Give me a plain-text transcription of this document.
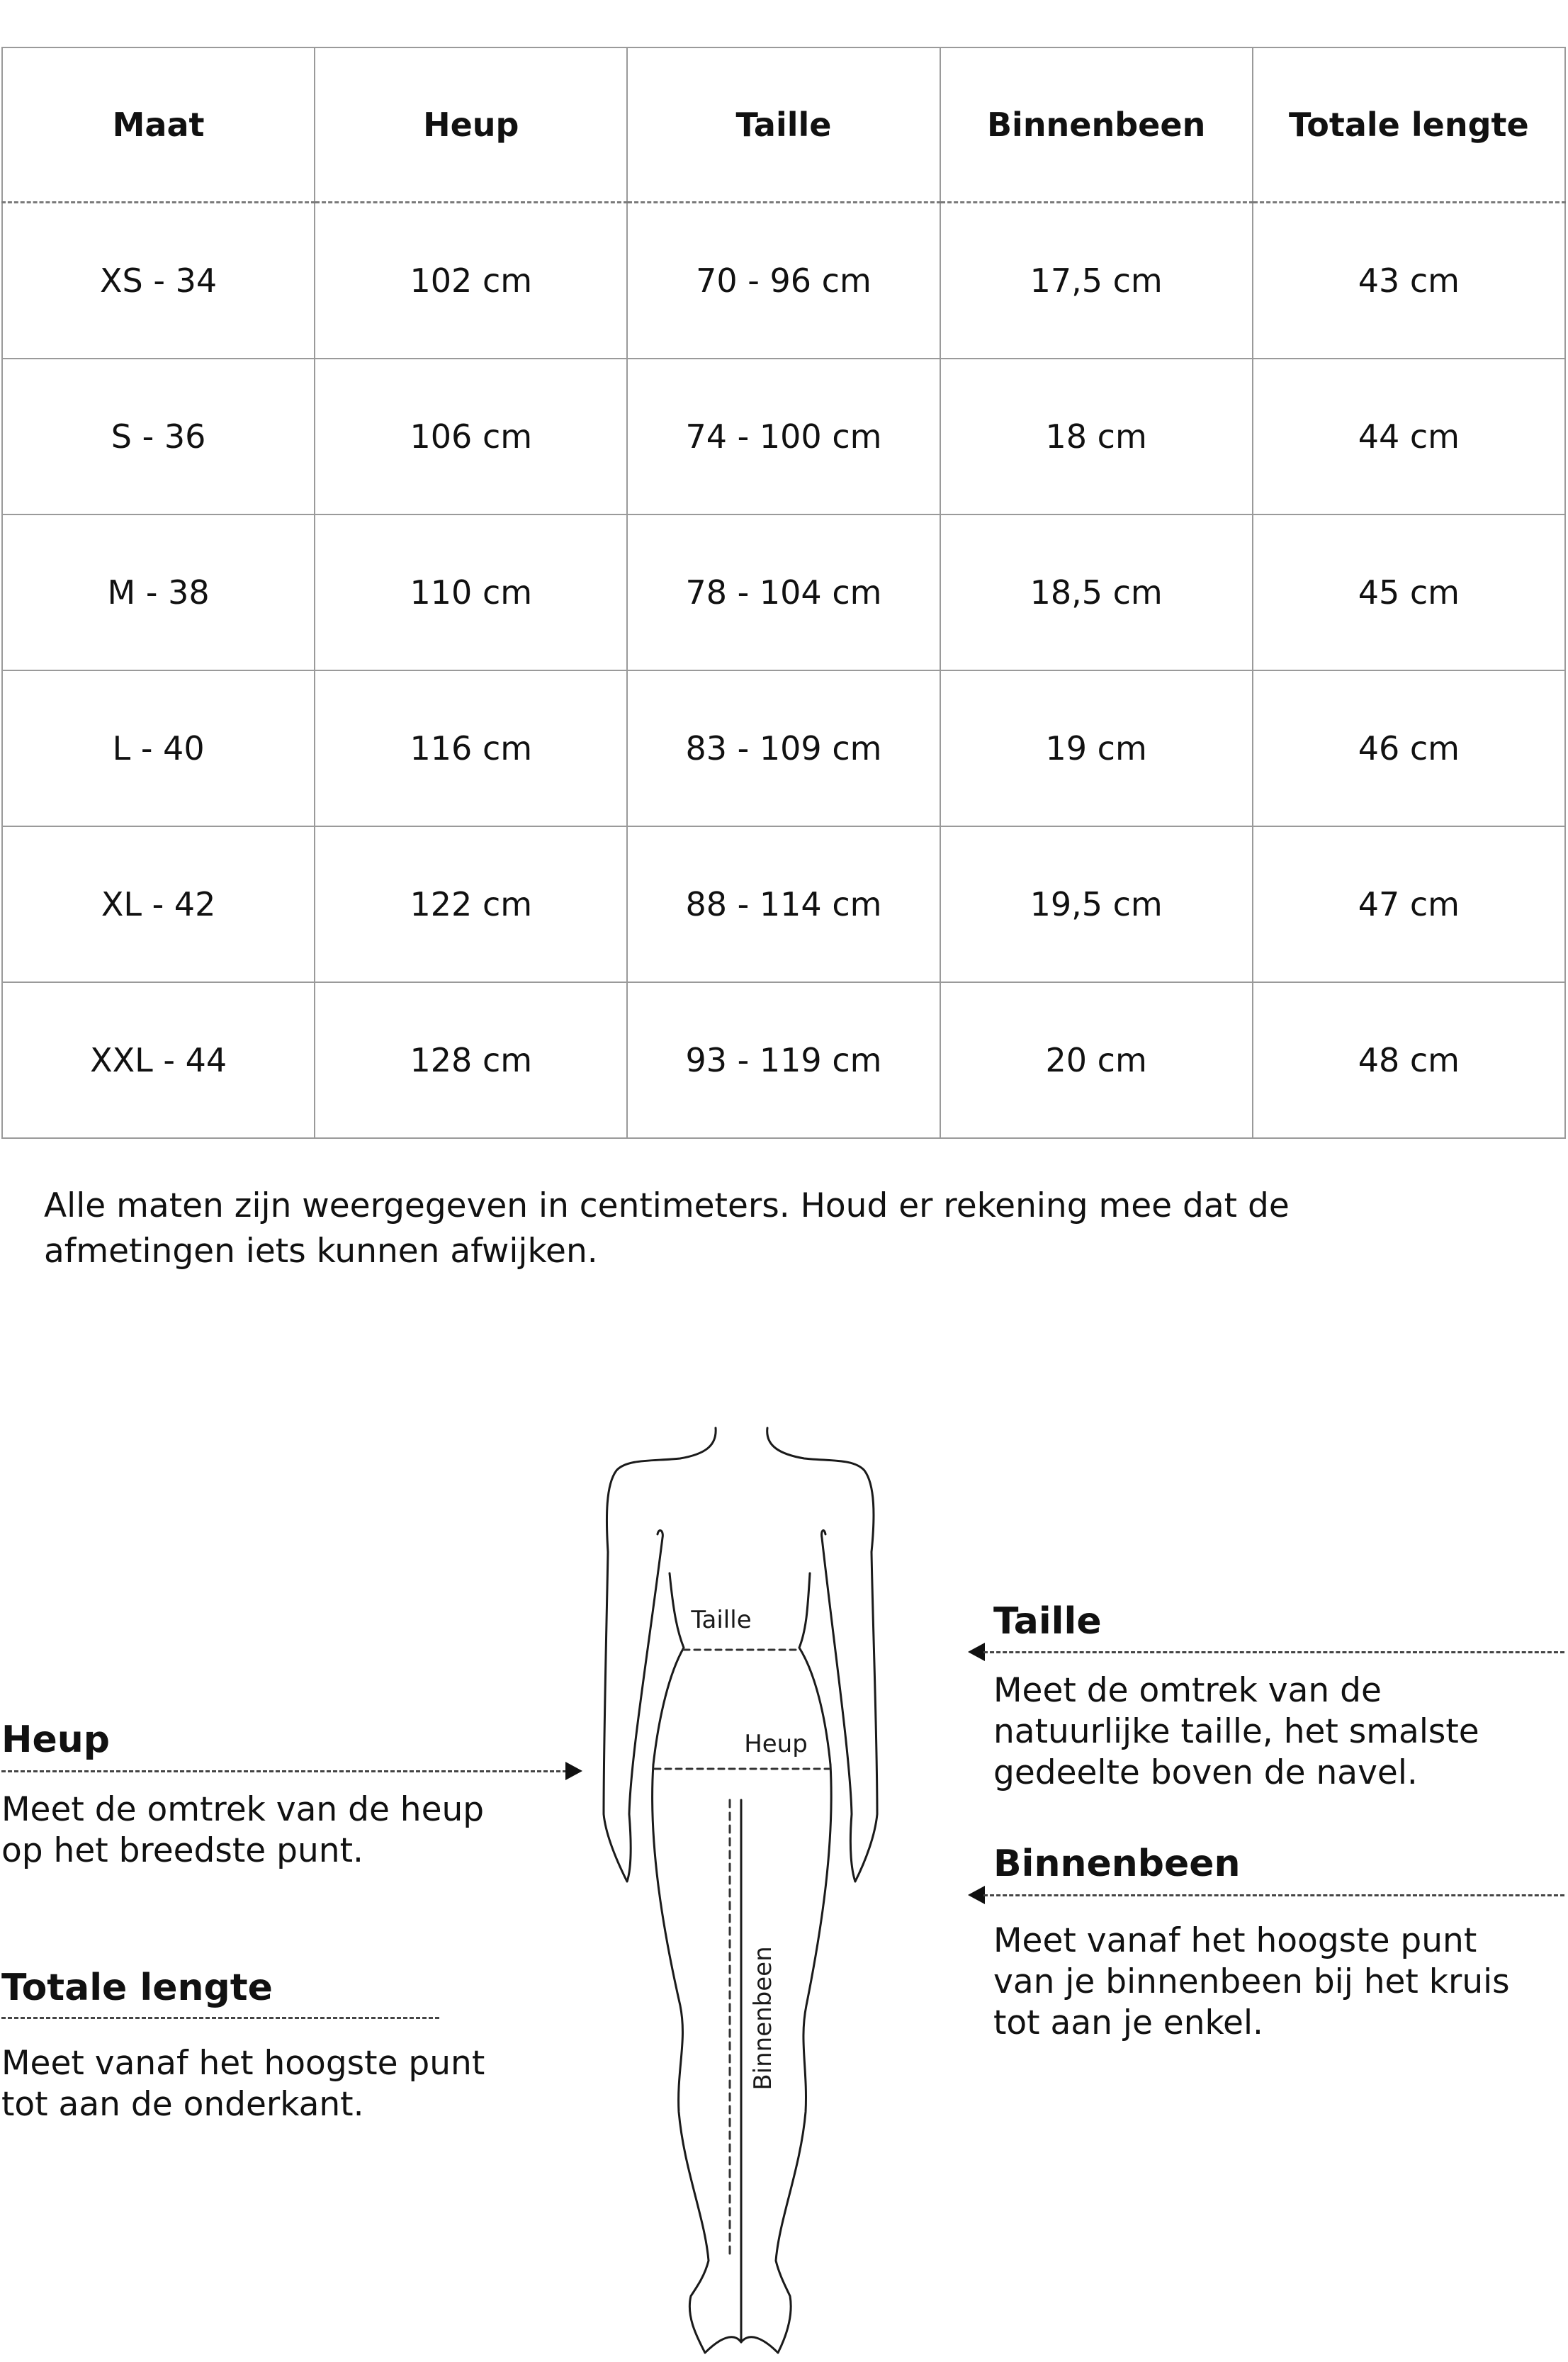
Maat	Heup	Taille	Binnenbeen	Totale lengte
XS - 34	102 cm	70 - 96 cm	17,5 cm	43 cm
S - 36	106 cm	74 - 100 cm	18 cm	44 cm
M - 38	110 cm	78 - 104 cm	18,5 cm	45 cm
L - 40	116 cm	83 - 109 cm	19 cm	46 cm
XL - 42	122 cm	88 - 114 cm	19,5 cm	47 cm
XXL - 44	128 cm	93 - 119 cm	20 cm	48 cm

Alle maten zijn weergegeven in centimeters. Houd er rekening mee dat de
afmetingen iets kunnen afwijken.

Heup

Meet de omtrek van de heup
op het breedste punt.

Totale lengte

Meet vanaf het hoogste punt
tot aan de onderkant.

Taille

Meet de omtrek van de
natuurlijke taille, het smalste
gedeelte boven de navel.

Binnenbeen

Meet vanaf het hoogste punt
van je binnenbeen bij het kruis
tot aan je enkel.

Taille
Heup
Binnenbeen
